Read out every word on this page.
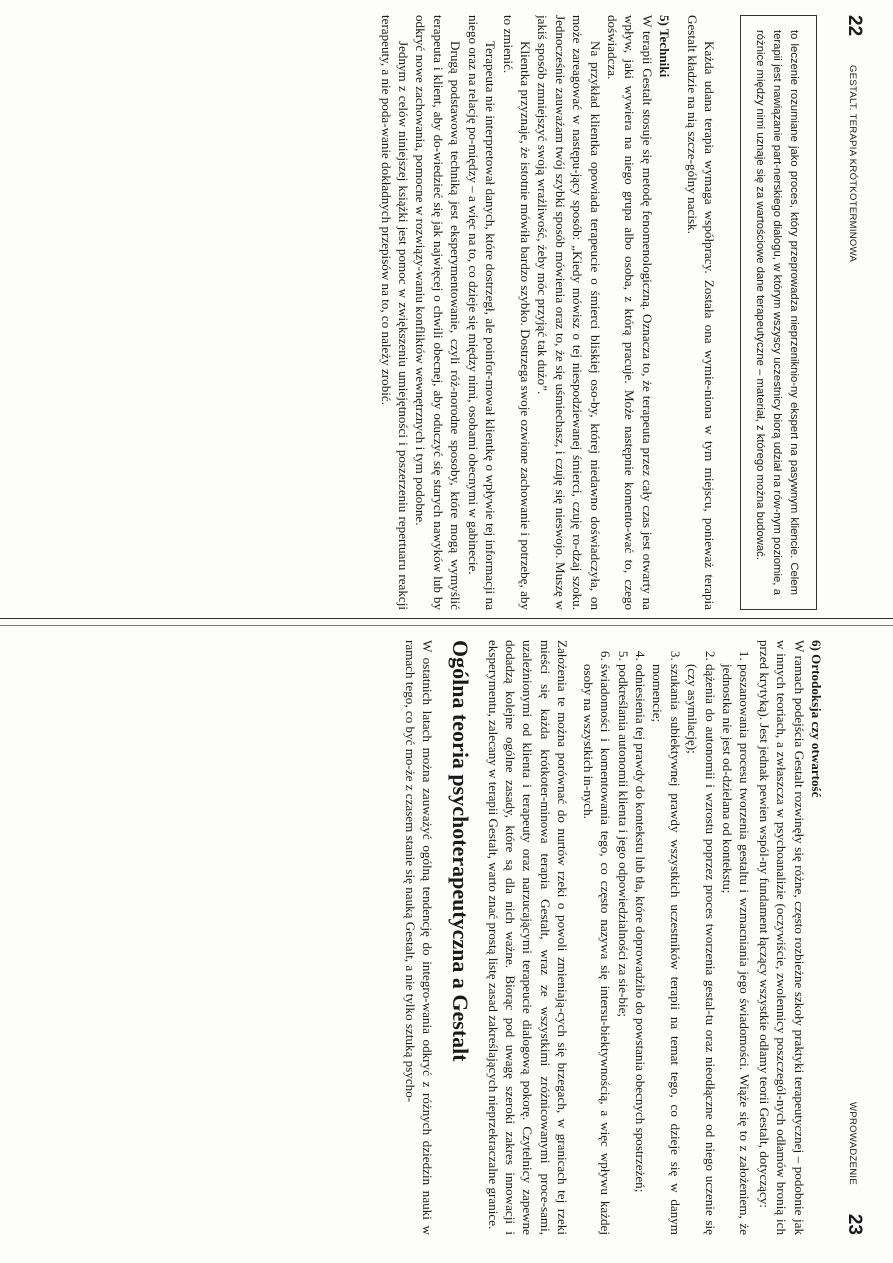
22
GESTALT. TERAPIA KRÓTKOTERMINOWA
to leczenie rozumiane jako proces, który przeprowadza nieprzeniknio-ny ekspert na pasywnym kliencie. Celem terapii jest nawiązanie part-nerskiego dialogu, w którym wszyscy uczestnicy biorą udział na rów-nym poziomie, a różnice między nimi uznaje się za wartościowe dane terapeutyczne – materiał, z którego można budować.

Każda udana terapia wymaga współpracy. Została ona wymie-niona w tym miejscu, ponieważ terapia Gestalt kładzie na nią szcze-gólny nacisk.

5) Techniki

W terapii Gestalt stosuje się metodę fenomenologiczną. Oznacza to, że terapeuta przez cały czas jest otwarty na wpływ, jaki wywiera na niego grupa albo osoba, z którą pracuje. Może następnie komento-wać to, czego doświadcza.

Na przykład klientka opowiada terapeucie o śmierci bliskiej oso-by, której niedawno doświadczyła, on może zareagować w następu-jący sposób: „Kiedy mówisz o tej niespodziewanej śmierci, czuję ro-dzaj szoku. Jednocześnie zauważam twój szybki sposób mówienia oraz to, że się uśmiechasz, i czuję się nieswojo. Muszę w jakiś sposób zmniejszyć swoją wrażliwość, żeby móc przyjąć tak dużo”.

Klientka przyznaje, że istotnie mówiła bardzo szybko. Dostrzega swoje ozwione zachowanie i potrzebę, aby to zmienić.

Terapeuta nie interpretował danych, które dostrzegł, ale poinfor-mował klientkę o wpływie tej informacji na niego oraz na relację po-między – a więc na to, co dzieje się między nimi, osobami obecnymi w gabinecie.

Drugą podstawową techniką jest eksperymentowanie, czyli róż-norodne sposoby, które mogą wymyślić terapeuta i klient, aby do-wiedzieć się jak najwięcej o chwili obecnej, aby oduczyć się starych nawyków lub by odkryć nowe zachowania, pomocne w rozwiązy-waniu konfliktów wewnętrznych i tym podobne.

Jednym z celów niniejszej książki jest pomoc w zwiększeniu umiejętności i poszerzeniu repertuaru reakcji terapeuty, a nie poda-wanie dokładnych przepisów na to, co należy zrobić.

WPROWADZENIE
23

6) Ortodoksja czy otwartość

W ramach podejścia Gestalt rozwinęły się różne, często rozbieżne szkoły praktyki terapeutycznej – podobnie jak w innych teoriach, a zwłaszcza w psychoanalizie (oczywiście, zwolennicy poszczegól-nych odłamów bronią ich przed krytyką). Jest jednak pewien wspól-ny fundament łączący wszystkie odłamy teorii Gestalt, dotyczący:

1. poszanowania procesu tworzenia gestaltu i wzmacniania jego świadomości. Wiąże się to z założeniem, że jednostka nie jest od-dzielana od kontekstu;
2. dążenia do autonomii i wzrostu poprzez proces tworzenia gestal-tu oraz nieodłączne od niego uczenie się (czy asymilację);
3. szukania subiektywnej prawdy wszystkich uczestników terapii na temat tego, co dzieje się w danym momencie;
4. odniesienia tej prawdy do kontekstu lub tła, które doprowadziło do powstania obecnych spostrzeżeń;
5. podkreślania autonomii klienta i jego odpowiedzialności za sie-bie;
6. świadomości i komentowania tego, co często nazywa się intersu-biektywnością, a więc wpływu każdej osoby na wszystkich in-nych.

Założenia te można porównać do nurtów rzeki o powoli zmieniają-cych się brzegach, w granicach tej rzeki mieści się każda krótkoter-minowa terapia Gestalt, wraz ze wszystkimi zróżnicowanymi proce-sami, uzależnionymi od klienta i terapeuty oraz narzucającymi terapeucie dialogową pokorę. Czytelnicy zapewne dodadzą kolejne ogólne zasady, które są dla nich ważne. Biorąc pod uwagę szeroki zakres innowacji i eksperymentu, zalecany w terapii Gestalt, warto znać prostą listę zasad zakreślających nieprzekraczalne granice.

Ogólna teoria psychoterapeutyczna a Gestalt

W ostatnich latach można zauważyć ogólną tendencję do integro-wania odkryć z różnych dziedzin nauki w ramach tego, co być mo-że z czasem stanie się nauką Gestalt, a nie tylko sztuką psycho-
